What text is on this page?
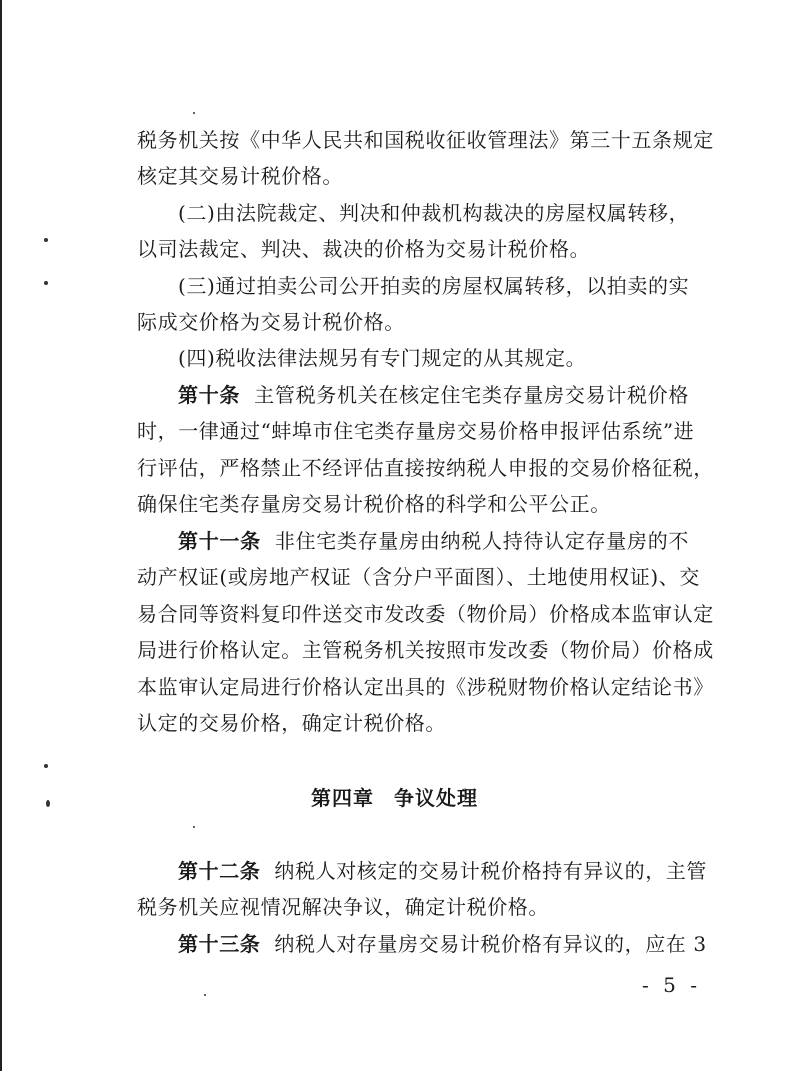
税务机关按《中华人民共和国税收征收管理法》第三十五条规定
核定其交易计税价格。
(二)由法院裁定、判决和仲裁机构裁决的房屋权属转移，
以司法裁定、判决、裁决的价格为交易计税价格。
(三)通过拍卖公司公开拍卖的房屋权属转移，以拍卖的实
际成交价格为交易计税价格。
(四)税收法律法规另有专门规定的从其规定。
第十条 主管税务机关在核定住宅类存量房交易计税价格
时，一律通过“蚌埠市住宅类存量房交易价格申报评估系统”进
行评估，严格禁止不经评估直接按纳税人申报的交易价格征税，
确保住宅类存量房交易计税价格的科学和公平公正。
第十一条 非住宅类存量房由纳税人持待认定存量房的不
动产权证(或房地产权证（含分户平面图）、土地使用权证)、交
易合同等资料复印件送交市发改委（物价局）价格成本监审认定
局进行价格认定。主管税务机关按照市发改委（物价局）价格成
本监审认定局进行价格认定出具的《涉税财物价格认定结论书》
认定的交易价格，确定计税价格。
第四章 争议处理
第十二条 纳税人对核定的交易计税价格持有异议的，主管
税务机关应视情况解决争议，确定计税价格。
第十三条 纳税人对存量房交易计税价格有异议的，应在 3
- 5 -
